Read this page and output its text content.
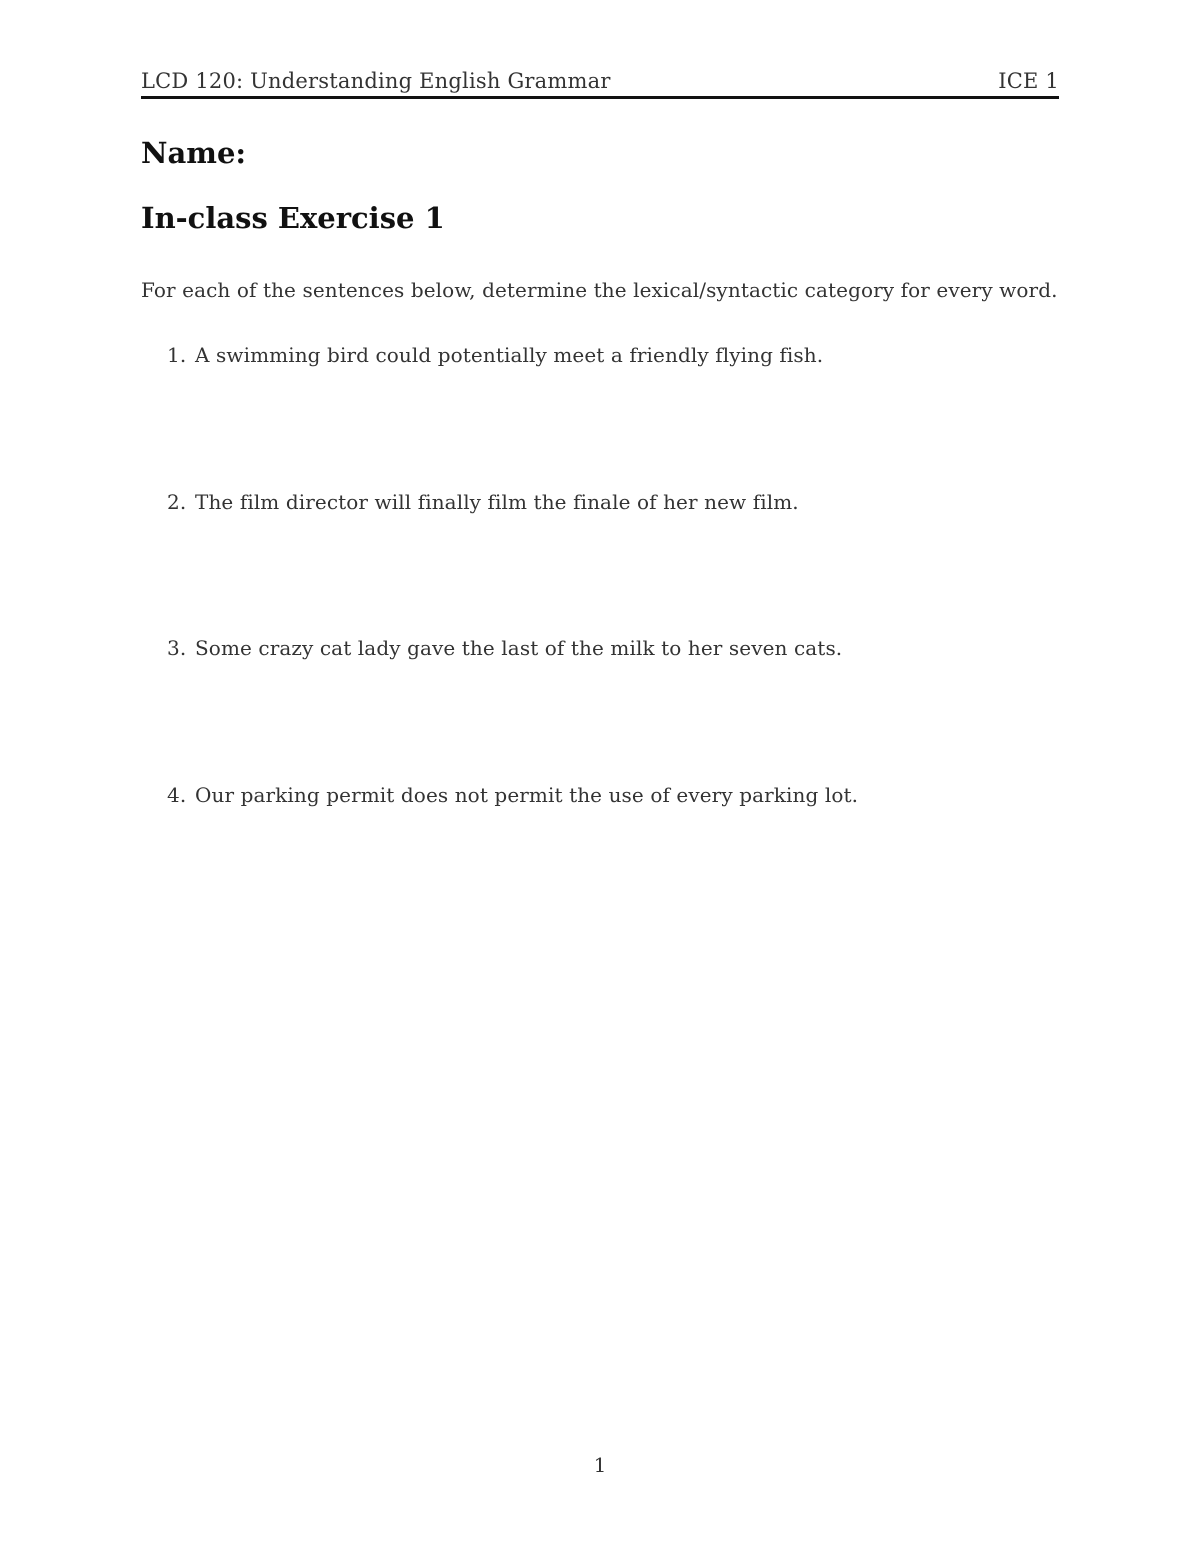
LCD 120: Understanding English Grammar	ICE 1
Name:
In-class Exercise 1
For each of the sentences below, determine the lexical/syntactic category for every word.
1. A swimming bird could potentially meet a friendly flying fish.
2. The film director will finally film the finale of her new film.
3. Some crazy cat lady gave the last of the milk to her seven cats.
4. Our parking permit does not permit the use of every parking lot.
1
